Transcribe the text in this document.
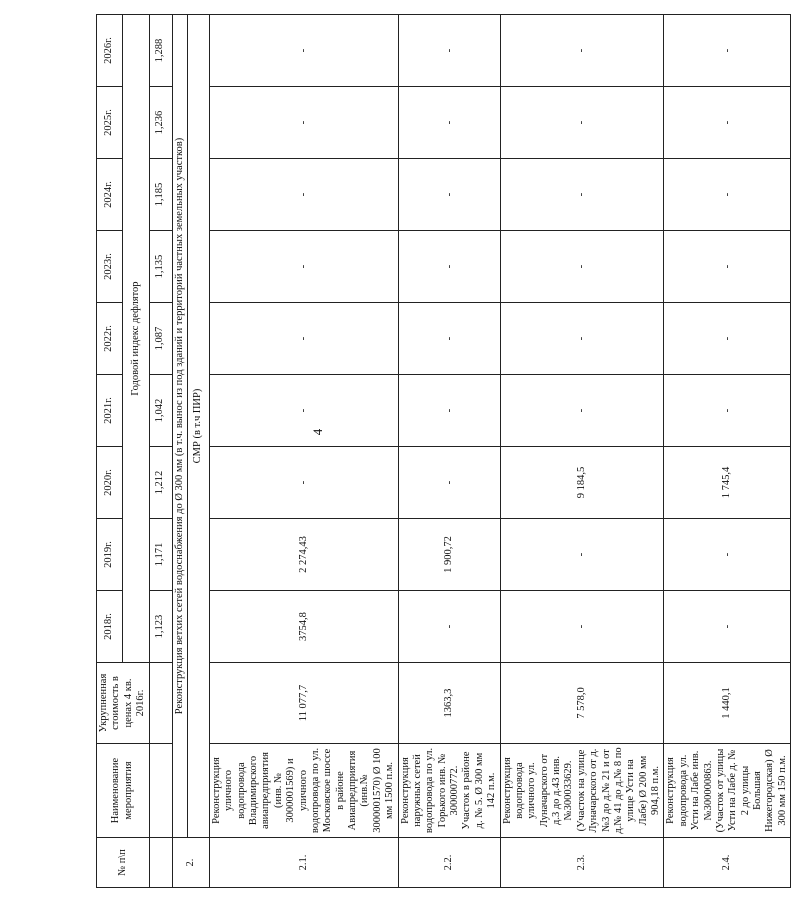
4
№ п\п	Наименование мероприятия	Укрупненная стоимость в ценах 4 кв. 2016г.	2018г.	2019г.	2020г.	2021г.	2022г.	2023г.	2024г.	2025г.	2026г.
			Годовой индекс дефлятор								
			1,123	1,171	1,212	1,042	1,087	1,135	1,185	1,236	1,288
2.	Реконструкция ветхих сетей водоснабжения до Ø 300 мм (в т.ч. вынос из под зданий и территорий частных земельных участков)										
	СМР (в т.ч ПИР)										
2.1.	Реконструкция уличного водопровода Владимирского авиапредприятия (инв. № 3000001569) и уличного водопровода по ул. Московское шоссе в районе Авиапредприятия (инв.№ 3000001570) Ø 100 мм 1500 п.м.	11 077,7	3754,8	2 274,43	-	-	-	-	-	-	-
2.2.	Реконструкция наружных сетей водопровода по ул. Горького инв. № 300000772. Участок в районе д. № 5. Ø 300 мм 142 п.м.	1363,3	-	1 900,72	-	-	-	-	-	-	-
2.3.	Реконструкция водопровода уличного ул. Луначарского от д.3 до д.43 инв.№300033629. (Участок на улице Луначарского от д.№3 до д.№ 21 и от д.№ 41 до д.№ 8 по улице Усти на Лабе) Ø 200 мм 904,18 п.м.	7 578,0	-	-	9 184,5	-	-	-	-	-	-
2.4.	Реконструкция водопровода ул. Усти на Лабе инв.№300000863. (Участок от улицы Усти на Лабе д. № 2 до улицы Большая Нижегородская) Ø 300 мм 150 п.м.	1 440,1	-	-	1 745,4	-	-	-	-	-	-
